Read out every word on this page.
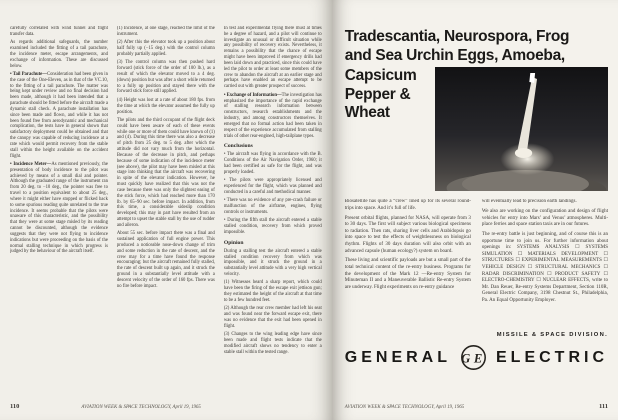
carefully correlated with wind tunnel and flight transfer data.

As regards additional safeguards, the number examined included the fitting of a tail parachute, the incidence meter, escape arrangements, and exchange of information. These are discussed below.

• Tail Parachute—Consideration had been given in the case of the One-Eleven, as in that of the VC.10, to the fitting of a tail parachute. The matter was being kept under review and no final decision had been made, although it had been intended that a parachute should be fitted before the aircraft made a dynamic stall check. A parachute installation has since been made and flown, and while it has not been found free from aerodynamic and mechanical complication, the tests have in general shown that satisfactory deployment could be obtained and that the canopy was capable of reducing incidence at a rate which would permit recovery from the stable stall within the height available on the accident flight.

• Incidence Meter—As mentioned previously, the presentation of body incidence to the pilot was achieved by means of a small dial and pointer. Although the graduated range of the instrument ran from 20 deg. to −10 deg., the pointer was free to travel to a position equivalent to about 25 deg., where it might either have stopped or flicked back to some spurious reading quite unrelated to the true incidence. It seems probable that the pilots were unaware of this characteristic, and the possibility that they were at some stage misled by its reading cannot be discounted, although the evidence suggests that they were not flying to incidence indications but were proceeding on the basis of the normal stalling technique in which progress is judged by the behaviour of the aircraft itself.

(1) Incidence, at one stage, reached the limit of the instrument.

(2) After this the elevator took up a position about half fully up (−15 deg.) with the control column probably partially applied.

(3) The control column was then pushed hard forward (stick force of the order of 100 lb.), as a result of which the elevator moved to a 4 deg. (down) position but was after a short while returned to a fully up position and stayed there with the forward stick force still applied.

(4) Height was lost at a rate of about 180 fps. from the time at which the elevator assumed the fully up position.

The pilots and the third occupant of the flight deck could have been aware of each of these events while one or more of them could have known of (1) and (4). During this time there was also a decrease of pitch from 25 deg. to 5 deg. after which the attitude did not vary much from the horizontal. Because of the decrease in pitch, and perhaps because of some indication of the incidence meter (see above), the pilot may have been misled at this stage into thinking that the aircraft was recovering in spite of the elevator indication. However, he must quickly have realized that this was not the case because there was only the slightest easing of the stick force, which had reached more than 170 lb. by 65–90 sec. before impact. In addition, from this time, a considerable sideslip condition developed; this may in part have resulted from an attempt to upset the stable stall by the use of rudder and aileron.

About 55 sec. before impact there was a final and sustained application of full engine power. This produced a noticeable nose-down change of trim and some reduction in the rate of descent, and the crew may for a time have found the response encouraging; but the aircraft remained fully stalled, the rate of descent built up again, and it struck the ground in a substantially level attitude with a descent velocity of the order of 160 fps. There was no fire before impact.

In test and experimental flying there must at times be a degree of hazard, and a pilot will continue to investigate an unusual or difficult situation while any possibility of recovery exists. Nevertheless, it remains a possibility that the chance of escape might have been improved if emergency drills had been laid down and practiced, since this could have led the pilot to order at least some members of the crew to abandon the aircraft at an earlier stage and perhaps have enabled an escape attempt to be carried out with greater prospect of success.

• Exchange of Information—The investigation has emphasized the importance of the rapid exchange of stalling research information between constructors, research establishments and the industry, and among constructors themselves. It emerged that no formal action had been taken in respect of the experience accumulated from stalling trials of other rear-engined, high-tailplane types.

Conclusions

• The aircraft was flying in accordance with the B. Conditions of the Air Navigation Order, 1960; it had been certified as safe for the flight, and was properly loaded.

• The pilots were appropriately licensed and experienced for the flight, which was planned and conducted in a careful and methodical manner.

• There was no evidence of any pre-crash failure or malfunction of the airframe, engines, flying controls or instruments.

• During the fifth stall the aircraft entered a stable stalled condition, recovery from which proved impossible.

Opinion

During a stalling test the aircraft entered a stable stalled condition recovery from which was impossible, and it struck the ground in a substantially level attitude with a very high vertical velocity.

(1) Witnesses heard a sharp report, which could have been the firing of the escape exit jettison gun; they estimated the height of the aircraft at that time to be a few hundred feet.

(2) Although the rear crew member had left his seat and was found near the forward escape exit, there was no evidence that the exit had been opened in flight.

(3) Changes to the wing leading edge have since been made and flight tests indicate that the modified aircraft shows no tendency to enter a stable stall within the tested range.

110	AVIATION WEEK & SPACE TECHNOLOGY, April 19, 1965
Tradescantia, Neurospora, Frog
and Sea Urchin Eggs, Amoeba,
Capsicum
Pepper &
Wheat

Biosatellite has quite a “crew” lined up for its several round-trips into space. And it’s full of life.

Present orbital flights, planned for NASA, will operate from 3 to 30 days. The first will subject various biological specimens to radiation. Then rats, sharing liver cells and Arabidopsis go into space to test the effects of weightlessness on biological rhythm. Flights of 30 days duration will also orbit with an advanced capsule (human ecology?) system on board.

These living and scientific payloads are but a small part of the total technical content of the re-entry business. Programs for the development of the Mark 12 —Re-entry System for Minuteman II and a Maneuverable Ballistic Re-entry System are underway. Flight experiments on re-entry guidance

will eventually lead to precision earth landings.

We also are working on the configuration and design of flight vehicles for entry into Mars’ and Venus’ atmospheres. Multi-place ferries and space station taxis are in our futures.

The re-entry battle is just beginning, and of course this is an opportune time to join us. For further information about openings in: SYSTEMS ANALYSIS ☐ SYSTEMS SIMULATION ☐ MATERIALS DEVELOPMENT ☐ STRUCTURES ☐ EXPERIMENTAL MEASUREMENTS ☐ VEHICLE DESIGN ☐ STRUCTURAL MECHANICS ☐ RADAR DISCRIMINATION ☐ PRODUCT SAFETY ☐ ELECTRO-CHEMISTRY ☐ NUCLEAR EFFECTS, write to Mr. Dan Reuer, Re-entry Systems Department, Section 110R, General Electric Company, 3198 Chestnut St., Philadelphia, Pa. An Equal Opportunity Employer.

MISSILE & SPACE DIVISION.
GENERAL GE ELECTRIC
AVIATION WEEK & SPACE TECHNOLOGY, April 19, 1965	111
